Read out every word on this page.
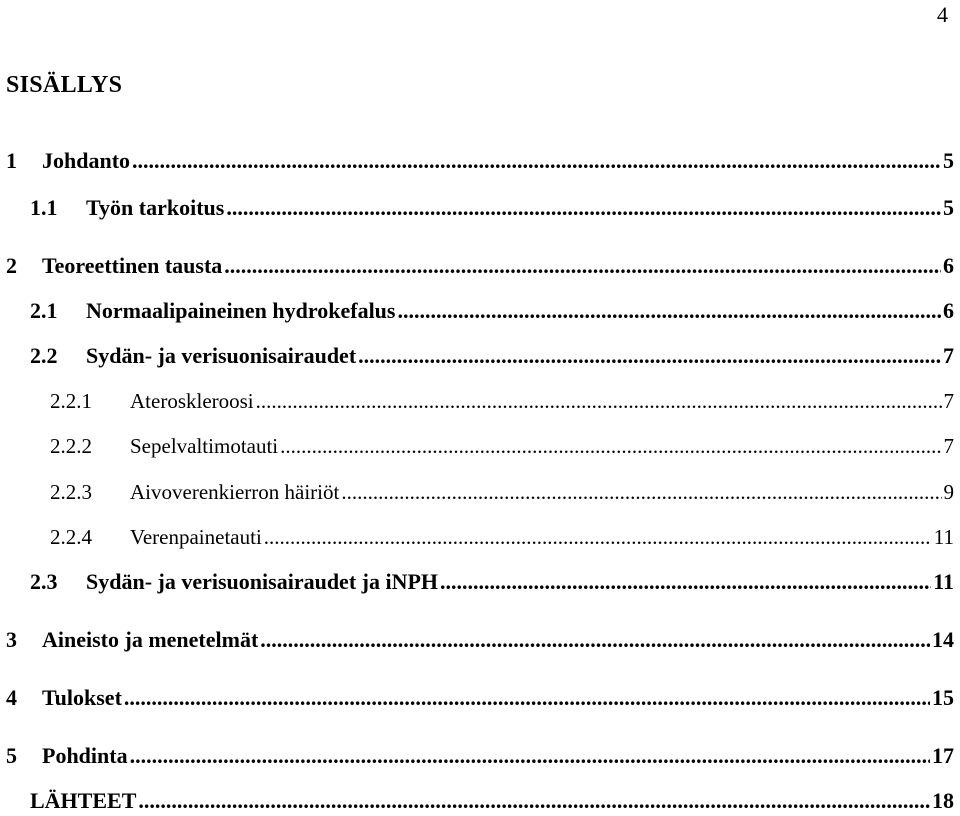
4
SISÄLLYS
1	Johdanto .....	5
1.1	Työn tarkoitus .....	5
2	Teoreettinen tausta .....	6
2.1	Normaalipaineinen hydrokefalus .....	6
2.2	Sydän- ja verisuonisairaudet .....	7
2.2.1	Ateroskleroosi .....	7
2.2.2	Sepelvaltimotauti .....	7
2.2.3	Aivoverenkierron häiriöt .....	9
2.2.4	Verenpainetauti .....	11
2.3	Sydän- ja verisuonisairaudet ja iNPH .....	11
3	Aineisto ja menetelmät .....	14
4	Tulokset .....	15
5	Pohdinta .....	17
LÄHTEET .....	18
